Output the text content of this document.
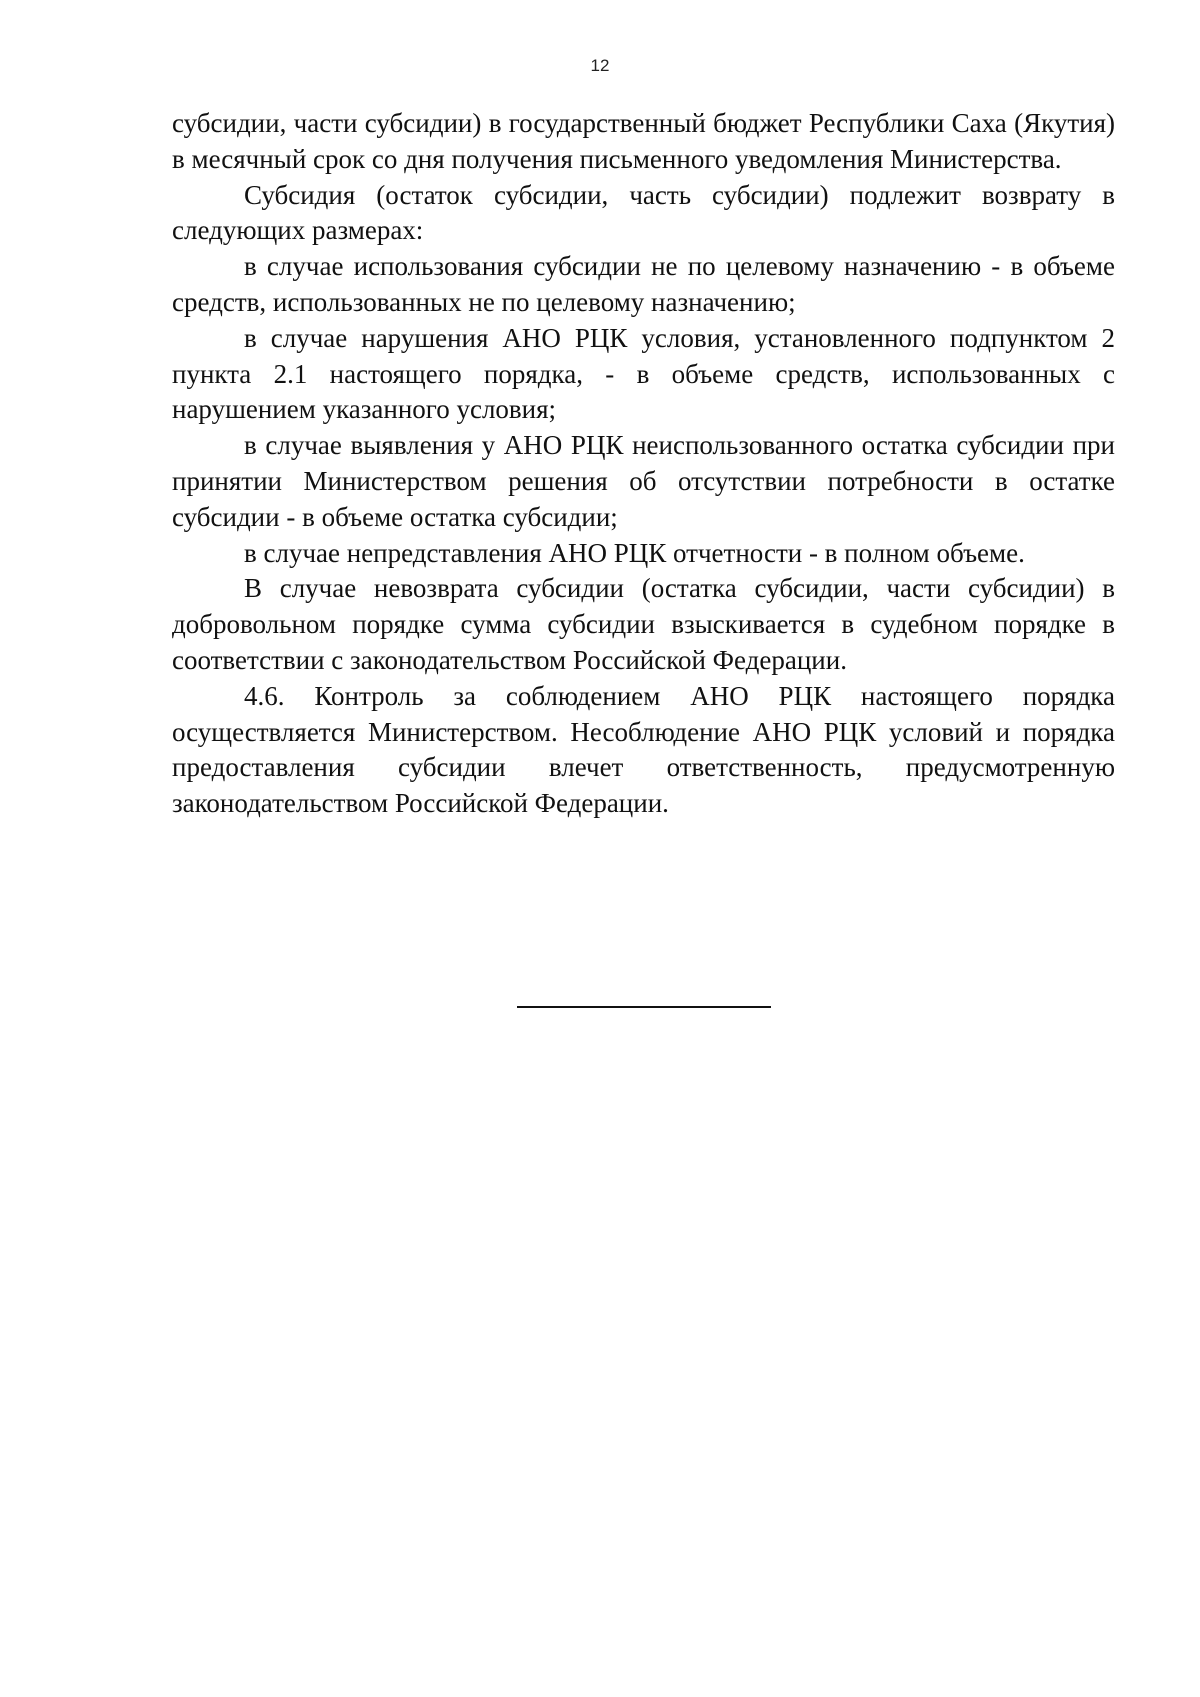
12

субсидии, части субсидии) в государственный бюджет Республики Саха (Якутия) в месячный срок со дня получения письменного уведомления Министерства.

Субсидия (остаток субсидии, часть субсидии) подлежит возврату в следующих размерах:

в случае использования субсидии не по целевому назначению - в объеме средств, использованных не по целевому назначению;

в случае нарушения АНО РЦК условия, установленного подпунктом 2 пункта 2.1 настоящего порядка, - в объеме средств, использованных с нарушением указанного условия;

в случае выявления у АНО РЦК неиспользованного остатка субсидии при принятии Министерством решения об отсутствии потребности в остатке субсидии - в объеме остатка субсидии;

в случае непредставления АНО РЦК отчетности - в полном объеме.

В случае невозврата субсидии (остатка субсидии, части субсидии) в добровольном порядке сумма субсидии взыскивается в судебном порядке в соответствии с законодательством Российской Федерации.

4.6. Контроль за соблюдением АНО РЦК настоящего порядка осуществляется Министерством. Несоблюдение АНО РЦК условий и порядка предоставления субсидии влечет ответственность, предусмотренную законодательством Российской Федерации.
